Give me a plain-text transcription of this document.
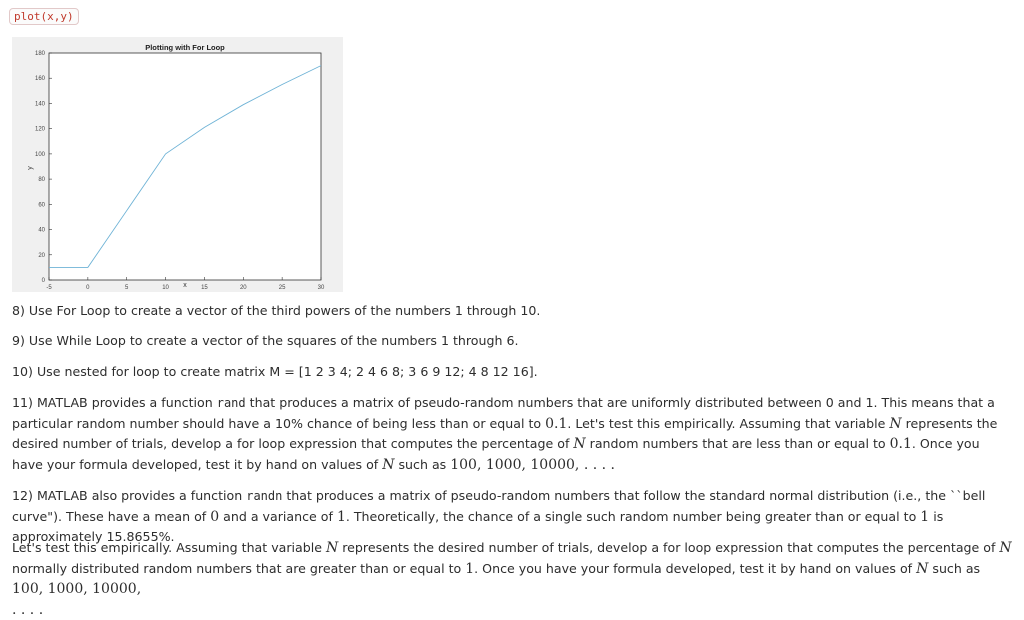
plot(x,y)
-5	0	5	10	15	20	25	30
0
20
40
60
80
100
120
140
160
180
Plotting with For Loop
x
y

8) Use For Loop to create a vector of the third powers of the numbers 1 through 10.

9) Use While Loop to create a vector of the squares of the numbers 1 through 6.

10) Use nested for loop to create matrix M = [1 2 3 4; 2 4 6 8; 3 6 9 12; 4 8 12 16].

11) MATLAB provides a function rand that produces a matrix of pseudo-random numbers that are uniformly distributed between 0 and 1. This means that a particular random number should have a 10% chance of being less than or equal to 0.1. Let's test this empirically. Assuming that variable N represents the desired number of trials, develop a for loop expression that computes the percentage of N random numbers that are less than or equal to 0.1. Once you have your formula developed, test it by hand on values of N such as 100, 1000, 10000, . . . .

12) MATLAB also provides a function randn that produces a matrix of pseudo-random numbers that follow the standard normal distribution (i.e., the ``bell curve"). These have a mean of 0 and a variance of 1. Theoretically, the chance of a single such random number being greater than or equal to 1 is approximately 15.8655%.

Let's test this empirically. Assuming that variable N represents the desired number of trials, develop a for loop expression that computes the percentage of N normally distributed random numbers that are greater than or equal to 1. Once you have your formula developed, test it by hand on values of N such as 100, 1000, 10000,
. . . .
